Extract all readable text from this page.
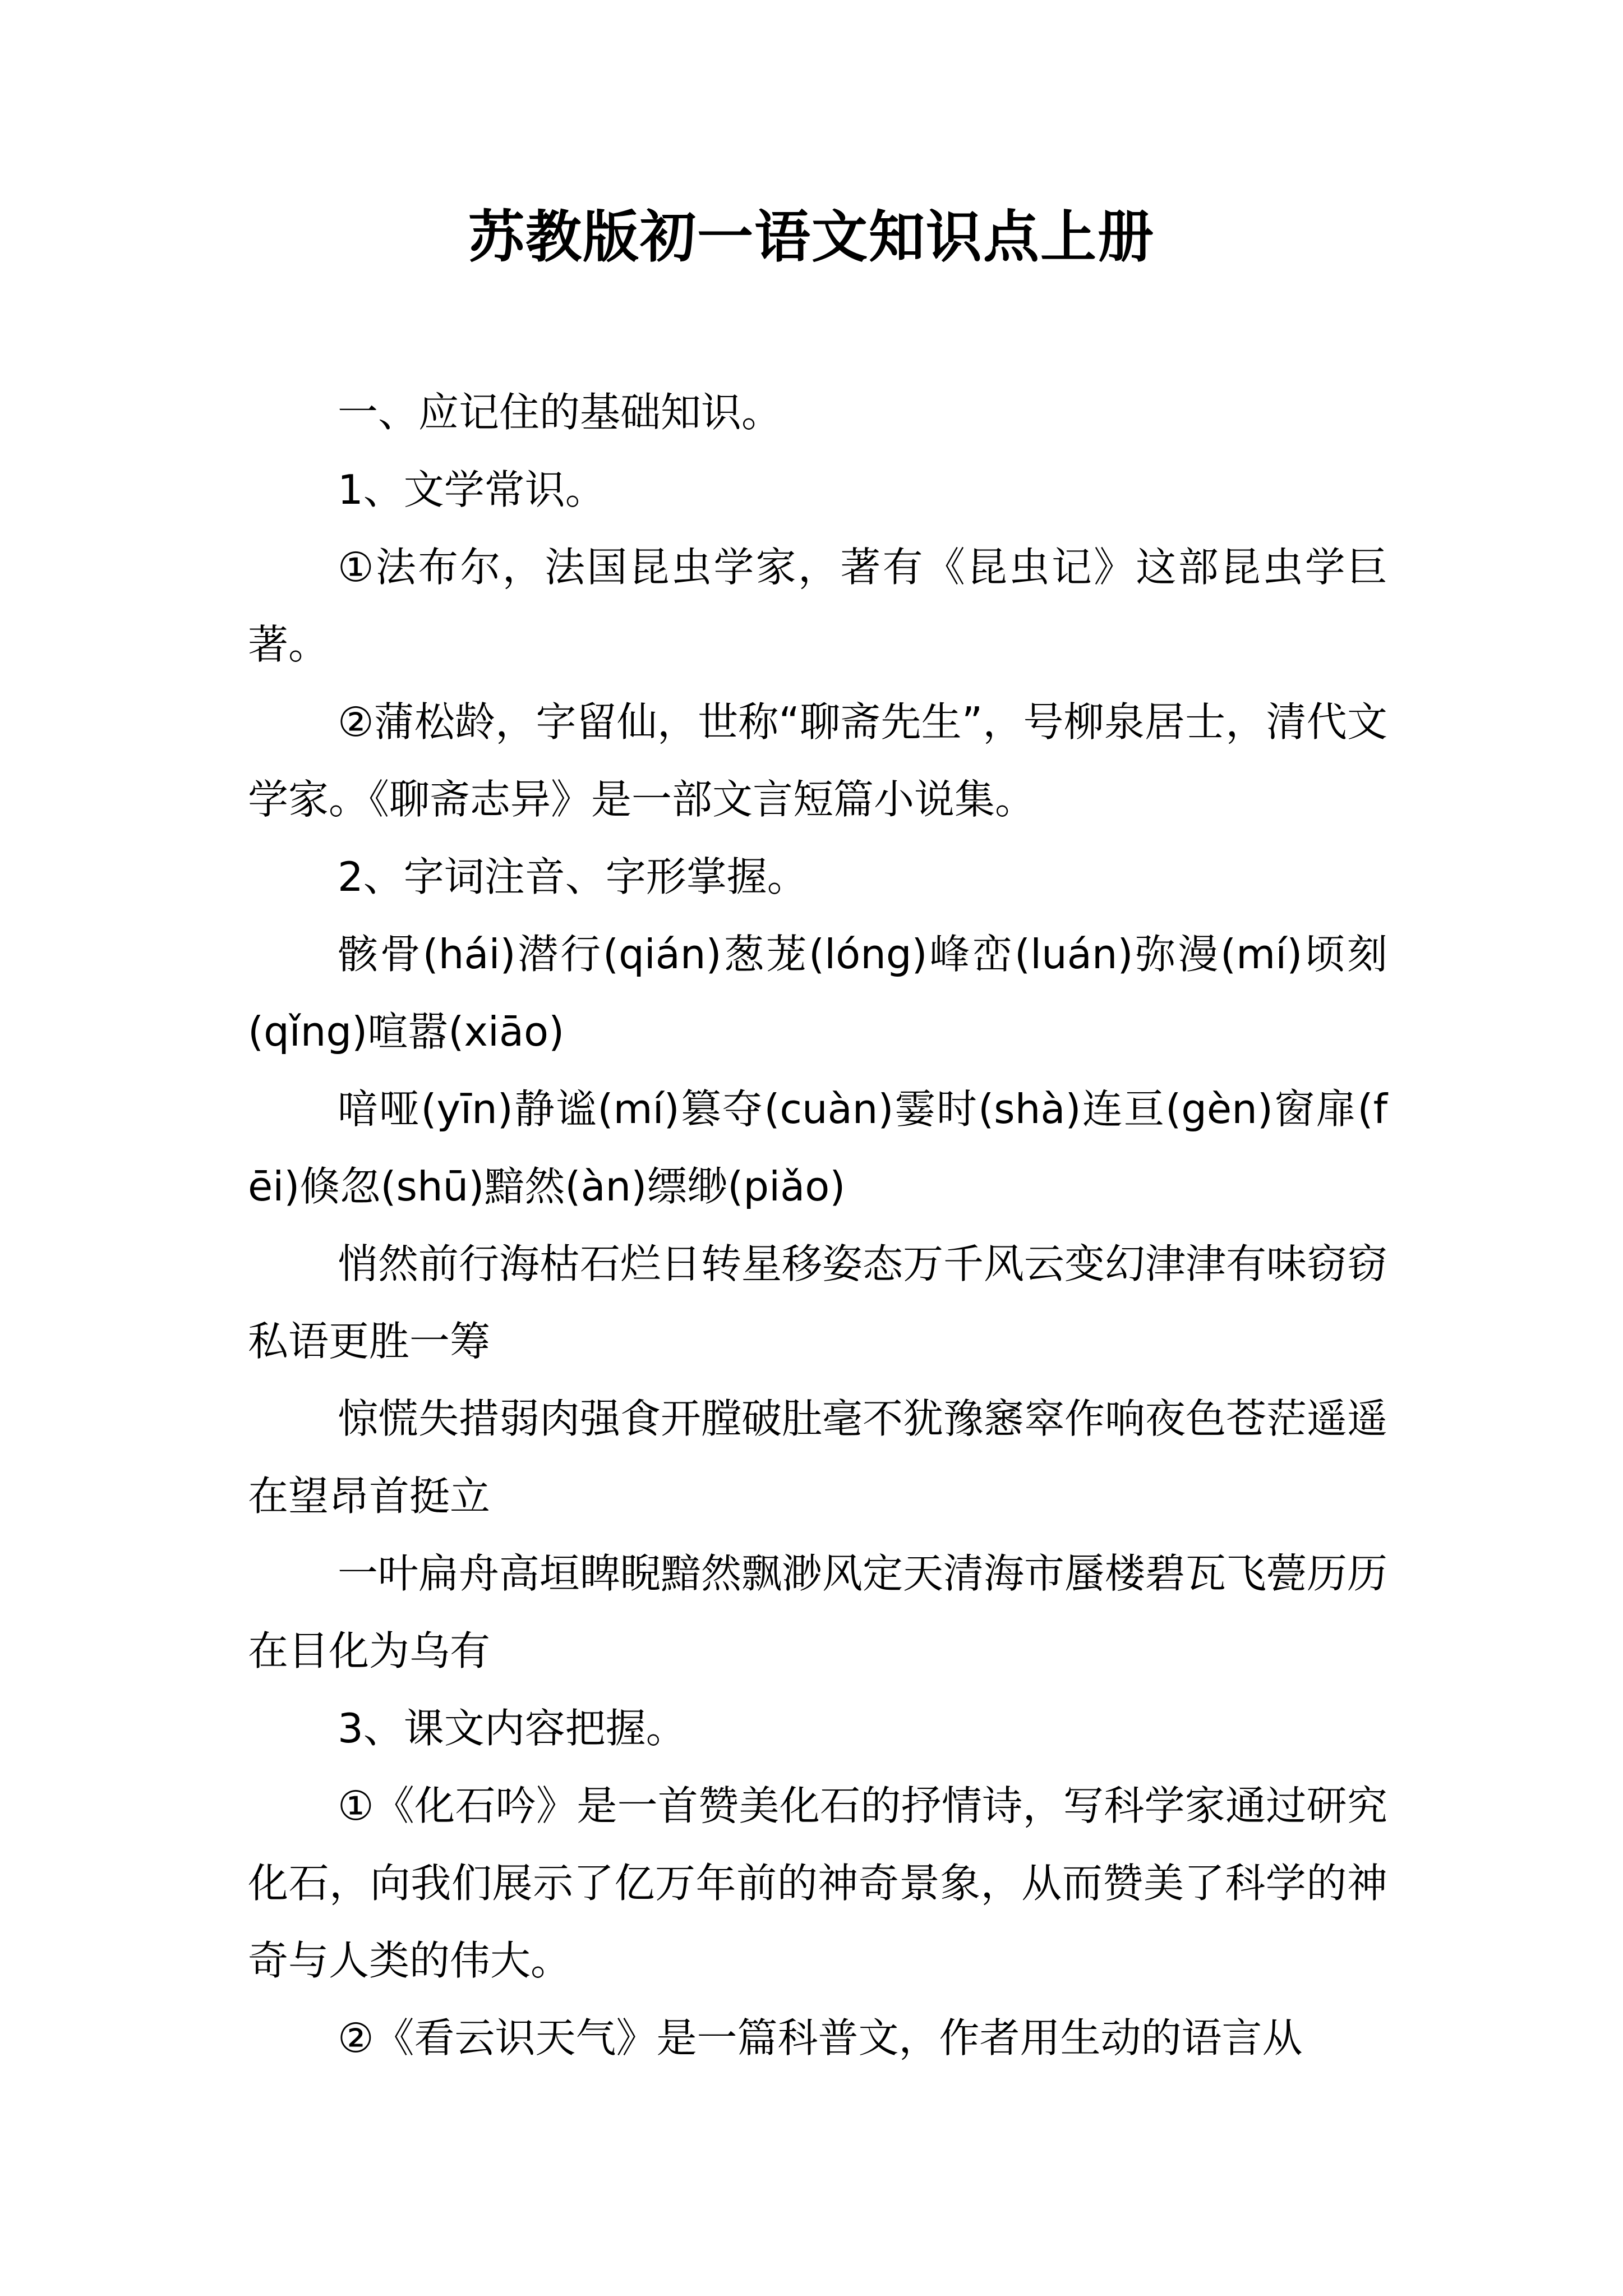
苏教版初一语文知识点上册

一、应记住的基础知识。

1、文学常识。

①法布尔，法国昆虫学家，著有《昆虫记》这部昆虫学巨著。

②蒲松龄，字留仙，世称“聊斋先生”，号柳泉居士，清代文学家。《聊斋志异》是一部文言短篇小说集。

2、字词注音、字形掌握。

骸骨(hái)潜行(qián)葱茏(lóng)峰峦(luán)弥漫(mí)顷刻(qǐng)喧嚣(xiāo)

喑哑(yīn)静谧(mí)篡夺(cuàn)霎时(shà)连亘(gèn)窗扉(fēi)倏忽(shū)黯然(àn)缥缈(piǎo)

悄然前行海枯石烂日转星移姿态万千风云变幻津津有味窃窃私语更胜一筹

惊慌失措弱肉强食开膛破肚毫不犹豫窸窣作响夜色苍茫遥遥在望昂首挺立

一叶扁舟高垣睥睨黯然飘渺风定天清海市蜃楼碧瓦飞甍历历在目化为乌有

3、课文内容把握。

①《化石吟》是一首赞美化石的抒情诗，写科学家通过研究化石，向我们展示了亿万年前的神奇景象，从而赞美了科学的神奇与人类的伟大。

②《看云识天气》是一篇科普文，作者用生动的语言从
